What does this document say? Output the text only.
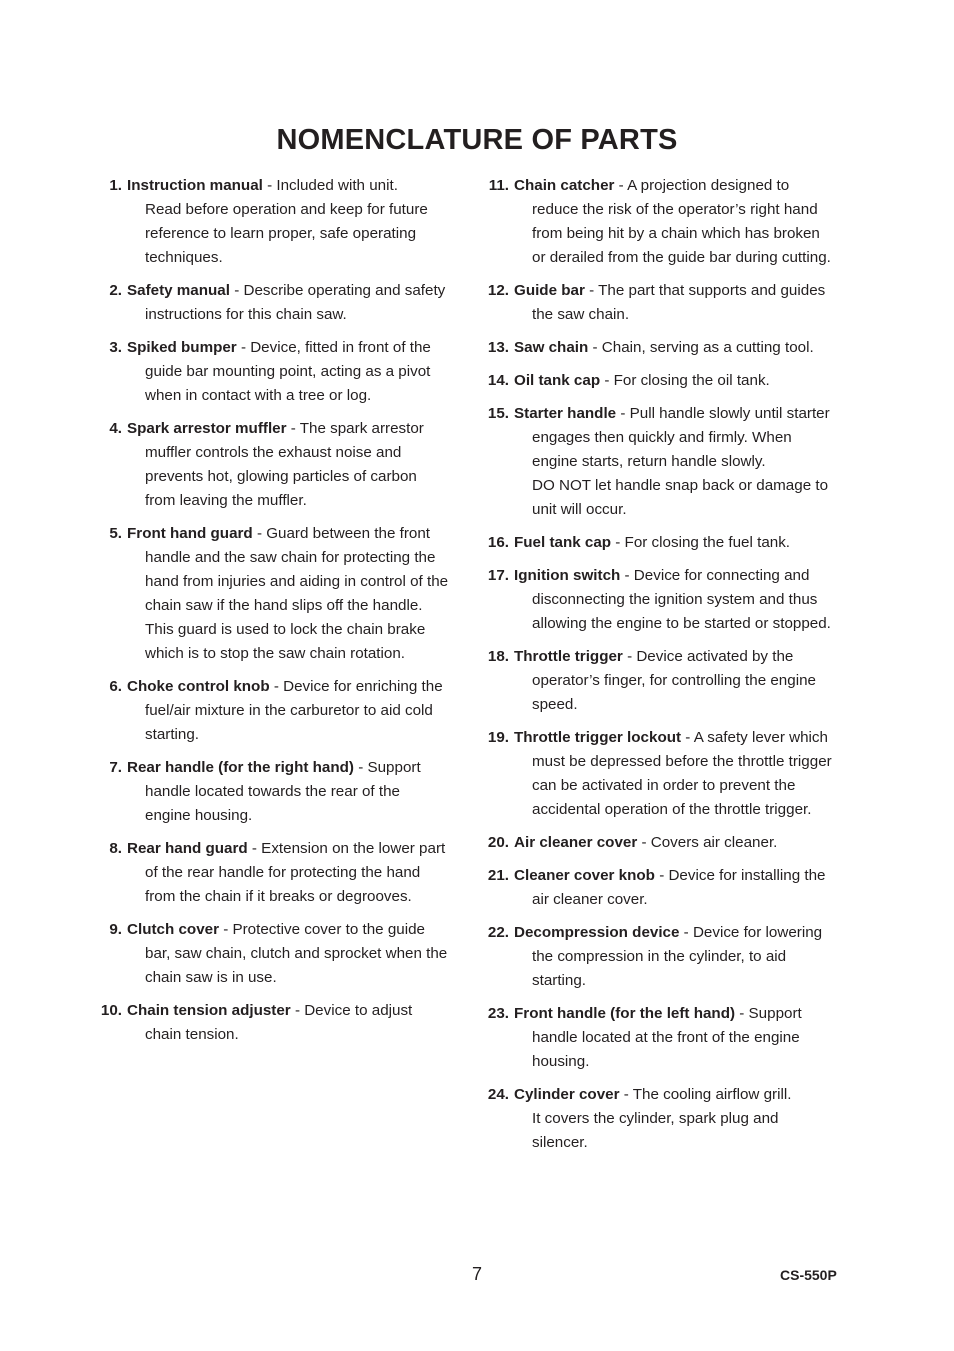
NOMENCLATURE OF PARTS
1. Instruction manual - Included with unit.
Read before operation and keep for future
reference to learn proper, safe operating
techniques.
2. Safety manual - Describe operating and safety
instructions for this chain saw.
3. Spiked bumper - Device, fitted in front of the
guide bar mounting point, acting as a pivot
when in contact with a tree or log.
4. Spark arrestor muffler - The spark arrestor
muffler controls the exhaust noise and
prevents hot, glowing particles of carbon
from leaving the muffler.
5. Front hand guard - Guard between the front
handle and the saw chain for protecting the
hand from injuries and aiding in control of the
chain saw if the hand slips off the handle.
This guard is used to lock the chain brake
which is to stop the saw chain rotation.
6. Choke control knob - Device for enriching the
fuel/air mixture in the carburetor to aid cold
starting.
7. Rear handle (for the right hand) - Support
handle located towards the rear of the
engine housing.
8. Rear hand guard - Extension on the lower part
of the rear handle for protecting the hand
from the chain if it breaks or degrooves.
9. Clutch cover - Protective cover to the guide
bar, saw chain, clutch and sprocket when the
chain saw is in use.
10. Chain tension adjuster - Device to adjust
chain tension.
11. Chain catcher - A projection designed to
reduce the risk of the operator’s right hand
from being hit by a chain which has broken
or derailed from the guide bar during cutting.
12. Guide bar - The part that supports and guides
the saw chain.
13. Saw chain - Chain, serving as a cutting tool.
14. Oil tank cap - For closing the oil tank.
15. Starter handle - Pull handle slowly until starter
engages then quickly and firmly. When
engine starts, return handle slowly.
DO NOT let handle snap back or damage to
unit will occur.
16. Fuel tank cap - For closing the fuel tank.
17. Ignition switch - Device for connecting and
disconnecting the ignition system and thus
allowing the engine to be started or stopped.
18. Throttle trigger - Device activated by the
operator’s finger, for controlling the engine
speed.
19. Throttle trigger lockout - A safety lever which
must be depressed before the throttle trigger
can be activated in order to prevent the
accidental operation of the throttle trigger.
20. Air cleaner cover - Covers air cleaner.
21. Cleaner cover knob - Device for installing the
air cleaner cover.
22. Decompression device - Device for lowering
the compression in the cylinder, to aid
starting.
23. Front handle (for the left hand) - Support
handle located at the front of the engine
housing.
24. Cylinder cover - The cooling airflow grill.
It covers the cylinder, spark plug and
silencer.
7	CS-550P
